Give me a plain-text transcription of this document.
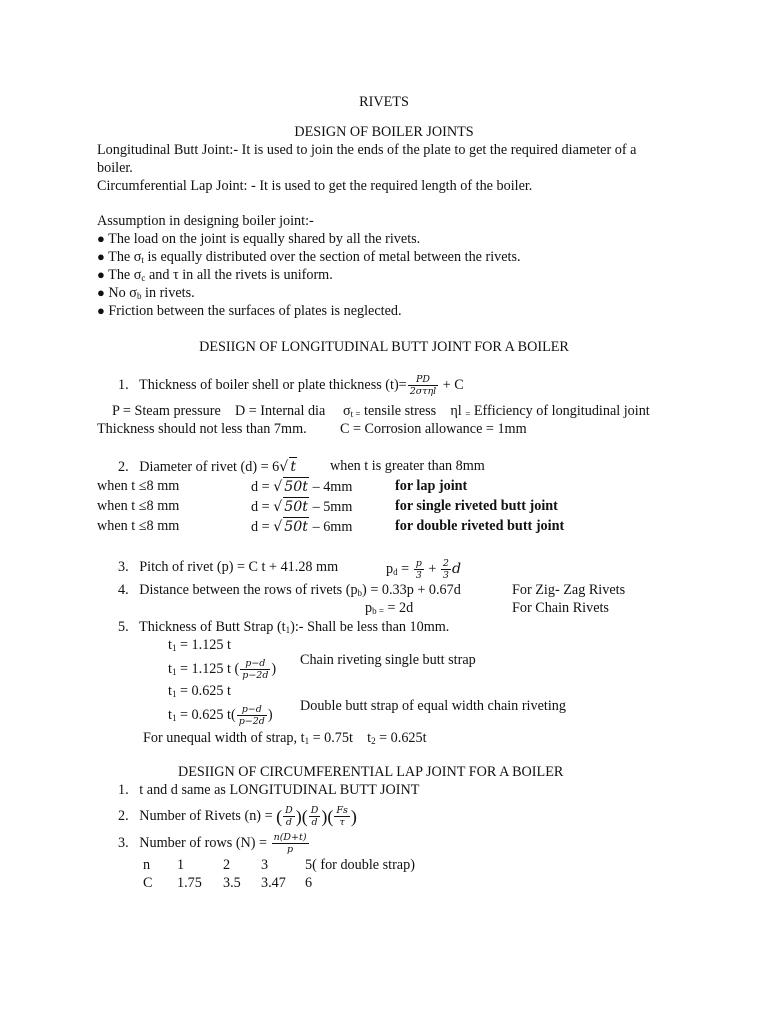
RIVETS
DESIGN OF BOILER JOINTS
Longitudinal Butt Joint:- It is used to join the ends of the plate to get the required diameter of a
boiler.
Circumferential Lap Joint: - It is used to get the required length of the boiler.
Assumption in designing boiler joint:-
● The load on the joint is equally shared by all the rivets.
● The $\sigma_t$ is equally distributed over the section of metal between the rivets.
● The $\sigma_c$ and τ in all the rivets is uniform.
● No $\sigma_b$ in rivets.
● Friction between the surfaces of plates is neglected.
DESIIGN OF LONGITUDINAL BUTT JOINT FOR A BOILER
1. Thickness of boiler shell or plate thickness $(t)= \frac{PD}{\text{2στηl}} + C$
P = Steam pressure D = Internal dia     $\sigma_{t =}$ tensile stress    ηl $_=$ Efficiency of longitudinal joint
Thickness should not less than 7mm. C = Corrosion allowance = 1mm
2. Diameter of rivet (d) = 6√ t when t is greater than 8mm
when t ≤8 mm	d = √ 50t – 4mm	for lap joint
when t ≤8 mm	d = √ 50t – 5mm	for single riveted butt joint
when t ≤8 mm	d = √ 50t – 6mm	for double riveted butt joint
3. Pitch of rivet (p) = C t + 41.28 mm	$p_d = \frac{p}{3} + \frac{2}{3}$ d
4. Distance between the rows of rivets $(p_b) = 0.33p + 0.67d$	For Zig- Zag Rivets
$p_{b =} = 2d$	For Chain Rivets
5. Thickness of Butt Strap $(t_1):-$ Shall be less than 10mm.
$t_1 = 1.125$ t
$t_1 = 1.125$ t ( $\frac{p-d}{p-2d}$ )
Chain riveting single butt strap
$t_1 = 0.625$ t
$t_1 = 0.625$ $t( \frac{p-d}{p-2d}$ )
Double butt strap of equal width chain riveting
For unequal width of strap, $t_1 = 0.75t$    $t_2 = 0.625t$
DESIIGN OF CIRCUMFERENTIAL LAP JOINT FOR A BOILER
1. t and d same as LONGITUDINAL BUTT JOINT
2. Number of Rivets (n) = ( $\frac{D}{d}$ )( $\frac{D}{d}$ )( $\frac{Fs}{\tau}$ )
3. Number of rows $(N) = \frac{n(D+t)}{p}$
n 1	2 3	5( for double strap)
C 1.75 3.5 3.47 6
